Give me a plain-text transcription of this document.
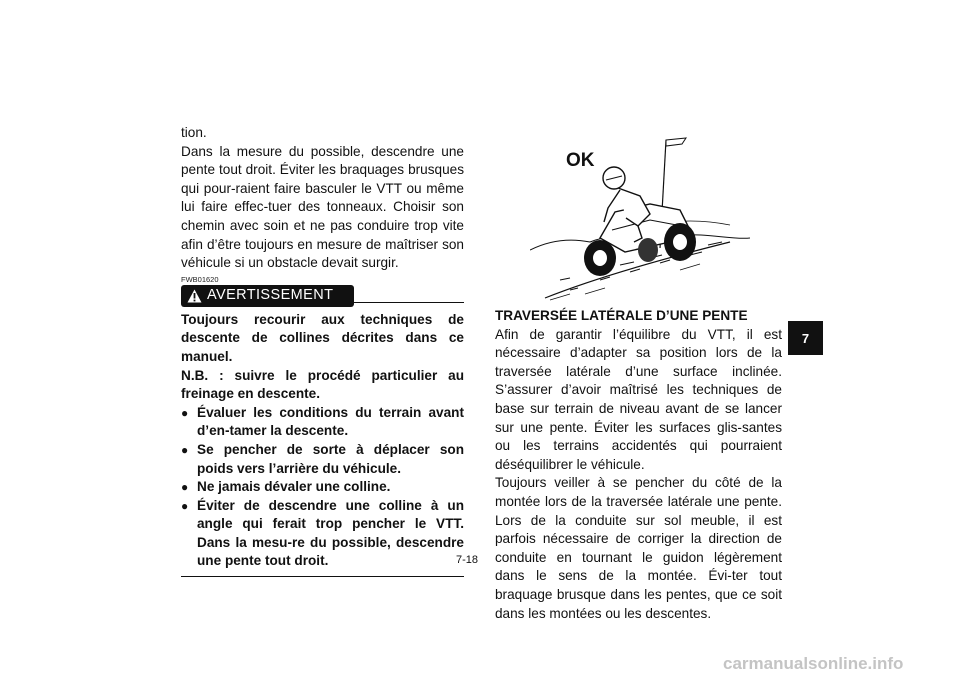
tion.

Dans la mesure du possible, descendre une pente tout droit. Éviter les braquages brusques qui pour-raient faire basculer le VTT ou même lui faire effec-tuer des tonneaux. Choisir son chemin avec soin et ne pas conduire trop vite afin d’être toujours en mesure de maîtriser son véhicule si un obstacle devait surgir.

FWB01620
AVERTISSEMENT

Toujours recourir aux techniques de descente de collines décrites dans ce manuel.

N.B. : suivre le procédé particulier au freinage en descente.

● Évaluer les conditions du terrain avant d’en-tamer la descente.
● Se pencher de sorte à déplacer son poids vers l’arrière du véhicule.
● Ne jamais dévaler une colline.
● Éviter de descendre une colline à un angle qui ferait trop pencher le VTT. Dans la mesu-re du possible, descendre une pente tout droit.
OK

TRAVERSÉE LATÉRALE D’UNE PENTE

Afin de garantir l’équilibre du VTT, il est nécessaire d’adapter sa position lors de la traversée latérale d’une surface inclinée. S’assurer d’avoir maîtrisé les techniques de base sur terrain de niveau avant de se lancer sur une pente. Éviter les surfaces glis-santes ou les terrains accidentés qui pourraient déséquilibrer le véhicule.

Toujours veiller à se pencher du côté de la montée lors de la traversée latérale une pente. Lors de la conduite sur sol meuble, il est parfois nécessaire de corriger la direction de conduite en tournant le guidon légèrement dans le sens de la montée. Évi-ter tout braquage brusque dans les pentes, que ce soit dans les montées ou les descentes.

7
7-18
carmanualsonline.info
